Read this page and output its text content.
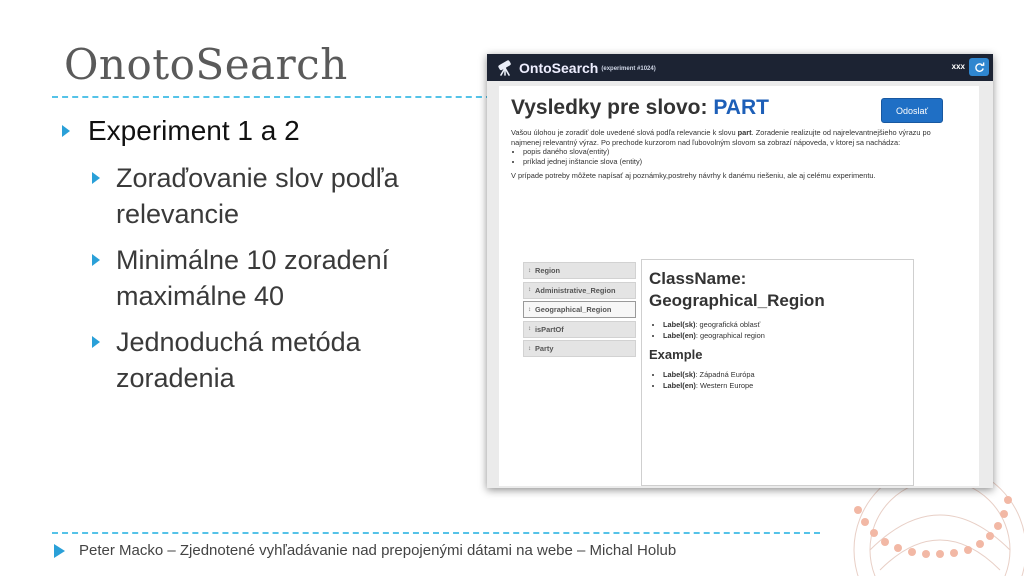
OnotoSearch
Experiment 1 a 2
Zoraďovanie slov podľa relevancie
Minimálne 10 zoradení maximálne 40
Jednoduchá metóda zoradenia
Peter Macko – Zjednotené vyhľadávanie nad prepojenými dátami na webe – Michal Holub
OntoSearch (experiment #1024)	xxx
Vysledky pre slovo: PART	Odoslať
Vašou úlohou je zoradiť dole uvedené slová podľa relevancie k slovu part. Zoradenie realizujte od najrelevantnejšieho výrazu po najmenej relevantný výraz. Po prechode kurzorom nad ľubovolným slovom sa zobrazí nápoveda, v ktorej sa nachádza:
• popis daného slova(entity)
• príklad jednej inštancie slova (entity)
V prípade potreby môžete napísať aj poznámky,postrehy návrhy k danému riešeniu, ale aj celému experimentu.
↕ Region
↕ Administrative_Region
↕ Geographical_Region
↕ isPartOf
↕ Party
ClassName:
Geographical_Region
• Label(sk): geografická oblasť
• Label(en): geographical region
Example
• Label(sk): Západná Európa
• Label(en): Western Europe
